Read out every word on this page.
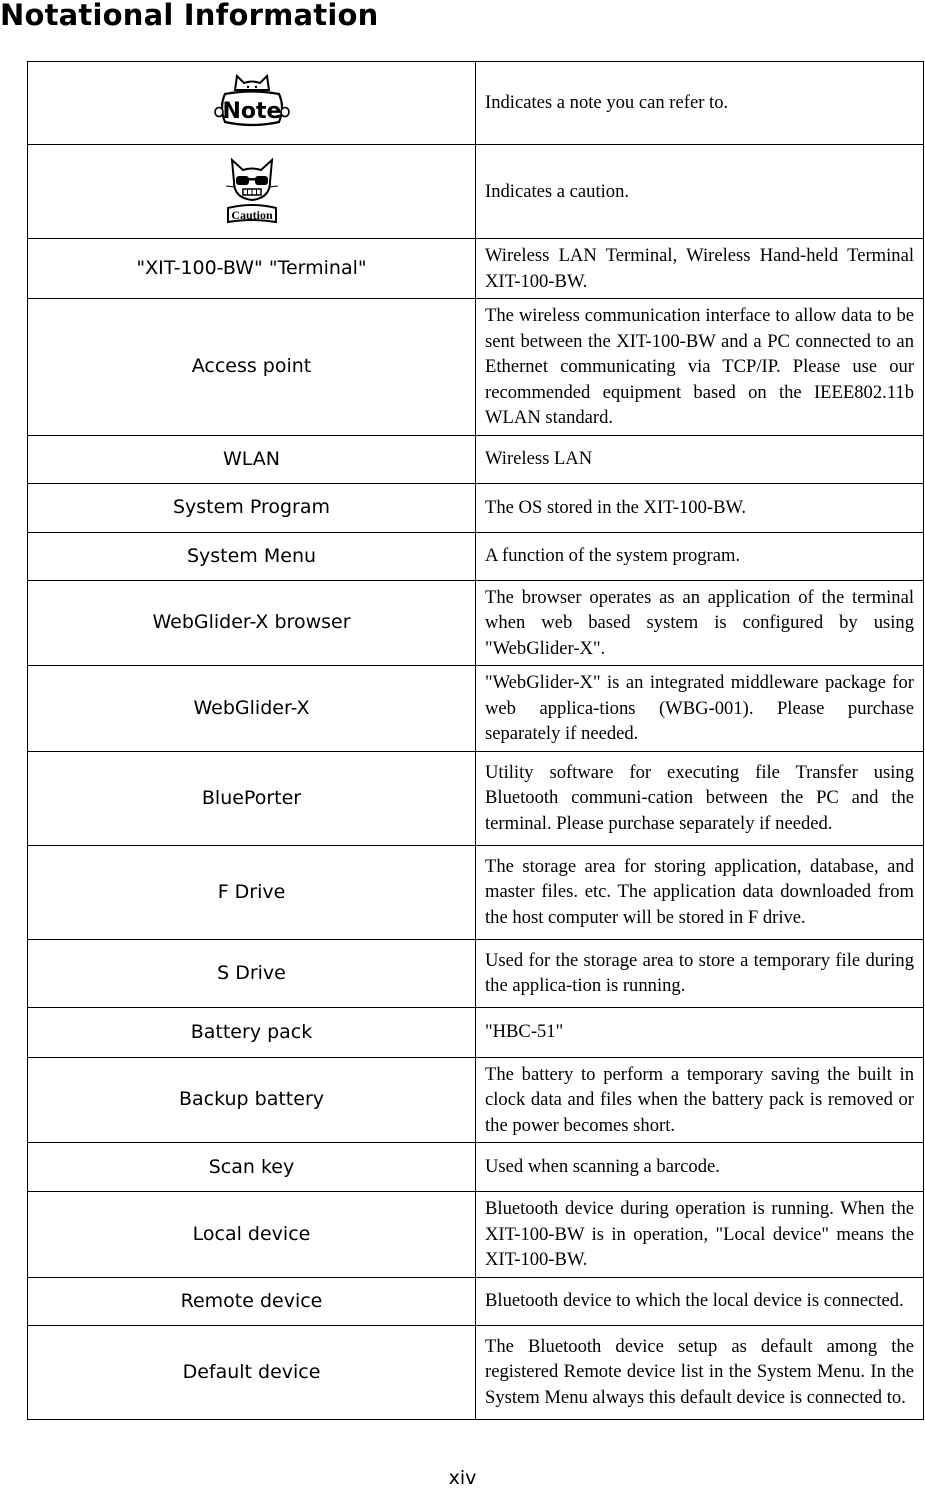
Notational Information
Note	Indicates a note you can refer to.

Caution	Indicates a caution.
"XIT-100-BW" "Terminal"	Wireless LAN Terminal, Wireless Hand-held Terminal XIT-100-BW.
Access point	The wireless communication interface to allow data to be sent between the XIT-100-BW and a PC connected to an Ethernet communicating via TCP/IP. Please use our recommended equipment based on the IEEE802.11b WLAN standard.
WLAN	Wireless LAN
System Program	The OS stored in the XIT-100-BW.
System Menu	A function of the system program.
WebGlider-X browser	The browser operates as an application of the terminal when web based system is configured by using "WebGlider-X".
WebGlider-X	"WebGlider-X" is an integrated middleware package for web applica-tions (WBG-001). Please purchase separately if needed.
BluePorter	Utility software for executing file Transfer using Bluetooth communi-cation between the PC and the terminal. Please purchase separately if needed.
F Drive	The storage area for storing application, database, and master files. etc. The application data downloaded from the host computer will be stored in F drive.
S Drive	Used for the storage area to store a temporary file during the applica-tion is running.
Battery pack	"HBC-51"
Backup battery	The battery to perform a temporary saving the built in clock data and files when the battery pack is removed or the power becomes short.
Scan key	Used when scanning a barcode.
Local device	Bluetooth device during operation is running. When the XIT-100-BW is in operation, "Local device" means the XIT-100-BW.
Remote device	Bluetooth device to which the local device is connected.
Default device	The Bluetooth device setup as default among the registered Remote device list in the System Menu. In the System Menu always this default device is connected to.
xiv
